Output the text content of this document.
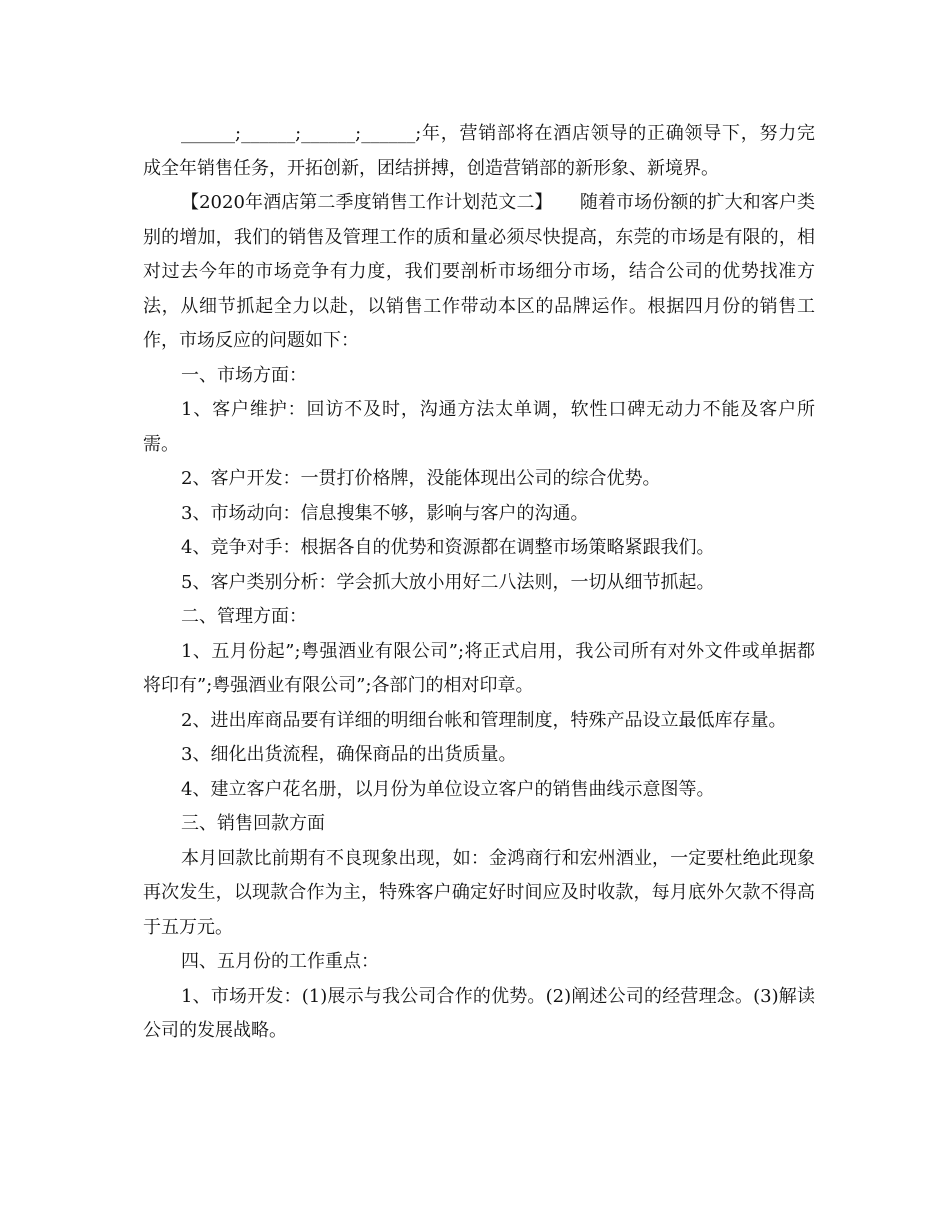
______;______;______;______;年，营销部将在酒店领导的正确领导下，努力完成全年销售任务，开拓创新，团结拼搏，创造营销部的新形象、新境界。

【2020年酒店第二季度销售工作计划范文二】　　随着市场份额的扩大和客户类别的增加，我们的销售及管理工作的质和量必须尽快提高，东莞的市场是有限的，相对过去今年的市场竞争有力度，我们要剖析市场细分市场，结合公司的优势找准方法，从细节抓起全力以赴，以销售工作带动本区的品牌运作。根据四月份的销售工作，市场反应的问题如下：

一、市场方面：

1、客户维护：回访不及时，沟通方法太单调，软性口碑无动力不能及客户所需。

2、客户开发：一贯打价格牌，没能体现出公司的综合优势。

3、市场动向：信息搜集不够，影响与客户的沟通。

4、竞争对手：根据各自的优势和资源都在调整市场策略紧跟我们。

5、客户类别分析：学会抓大放小用好二八法则，一切从细节抓起。

二、管理方面：

1、五月份起”;粤强酒业有限公司”;将正式启用，我公司所有对外文件或单据都将印有”;粤强酒业有限公司”;各部门的相对印章。

2、进出库商品要有详细的明细台帐和管理制度，特殊产品设立最低库存量。

3、细化出货流程，确保商品的出货质量。

4、建立客户花名册，以月份为单位设立客户的销售曲线示意图等。

三、销售回款方面

本月回款比前期有不良现象出现，如：金鸿商行和宏州酒业，一定要杜绝此现象再次发生，以现款合作为主，特殊客户确定好时间应及时收款，每月底外欠款不得高于五万元。

四、五月份的工作重点：

1、市场开发：(1)展示与我公司合作的优势。(2)阐述公司的经营理念。(3)解读公司的发展战略。
